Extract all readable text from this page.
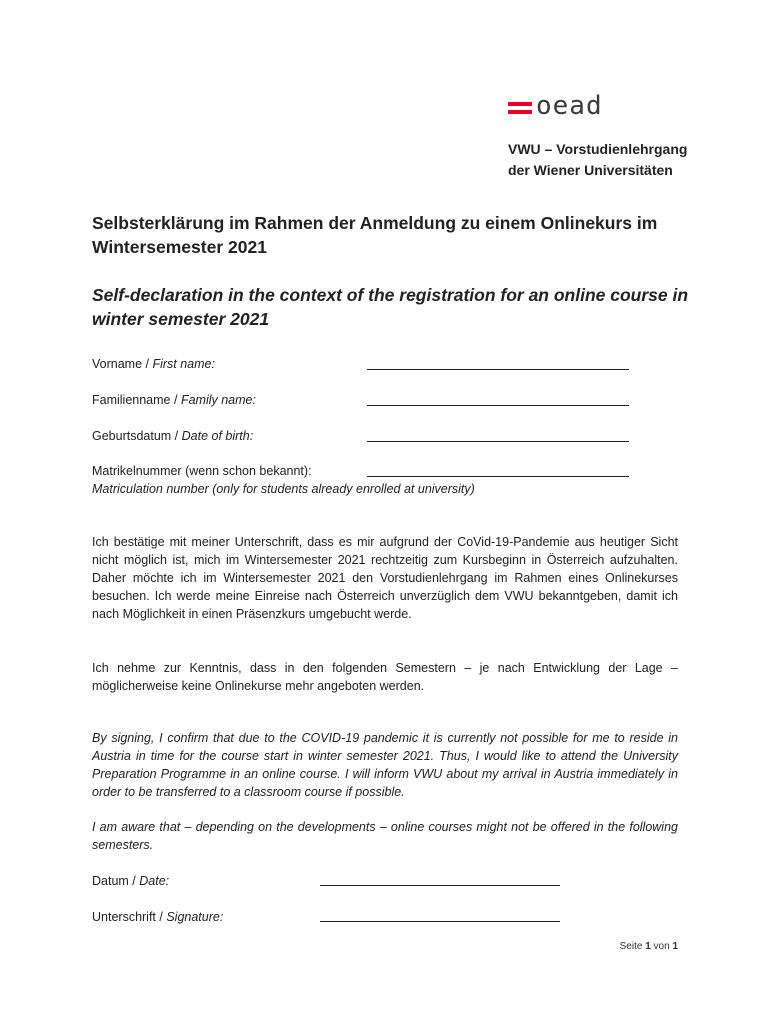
oead
VWU – Vorstudienlehrgang
der Wiener Universitäten
Selbsterklärung im Rahmen der Anmeldung zu einem Onlinekurs im Wintersemester 2021
Self-declaration in the context of the registration for an online course in winter semester 2021
Vorname / First name:
Familienname / Family name:
Geburtsdatum / Date of birth:
Matrikelnummer (wenn schon bekannt):
Matriculation number (only for students already enrolled at university)
Ich bestätige mit meiner Unterschrift, dass es mir aufgrund der CoVid-19-Pandemie aus heutiger Sicht nicht möglich ist, mich im Wintersemester 2021 rechtzeitig zum Kursbeginn in Österreich aufzuhalten. Daher möchte ich im Wintersemester 2021 den Vorstudienlehrgang im Rahmen eines Onlinekurses besuchen. Ich werde meine Einreise nach Österreich unverzüglich dem VWU bekanntgeben, damit ich nach Möglichkeit in einen Präsenzkurs umgebucht werde.
Ich nehme zur Kenntnis, dass in den folgenden Semestern – je nach Entwicklung der Lage – möglicherweise keine Onlinekurse mehr angeboten werden.
By signing, I confirm that due to the COVID-19 pandemic it is currently not possible for me to reside in Austria in time for the course start in winter semester 2021. Thus, I would like to attend the University Preparation Programme in an online course. I will inform VWU about my arrival in Austria immediately in order to be transferred to a classroom course if possible.
I am aware that – depending on the developments – online courses might not be offered in the following semesters.
Datum / Date:
Unterschrift / Signature:
Seite 1 von 1
